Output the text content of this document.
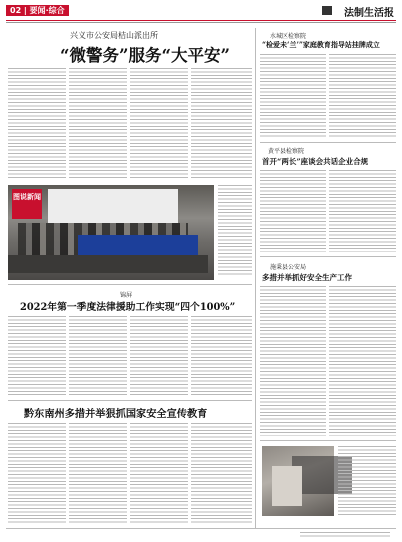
02 | 要闻·综合	法制生活报
兴义市公安局桔山派出所
“微警务”服务“大平安”
图说新闻
锦屏
2022年第一季度法律援助工作实现“四个100%”
黔东南州多措并举狠抓国家安全宣传教育
水城区检察院
“检爱未‘兰’”家庭教育指导站挂牌成立
黄平县检察院
首开“两长”座谈会共话企业合规
施秉县公安局
多措并举抓好安全生产工作
